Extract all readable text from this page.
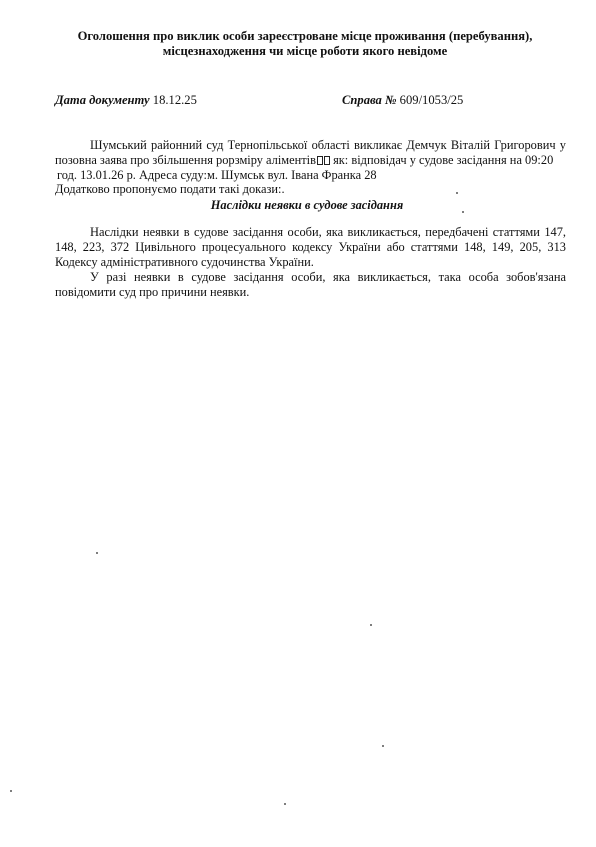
Оголошення про виклик особи зареєстроване місце проживання (перебування),
місцезнаходження чи місце роботи якого невідоме
Дата документу 18.12.25	Справа № 609/1053/25
Шумський районний суд Тернопільської області викликає Демчук Віталій Григорович у
позовна заява про збільшення рорзміру аліментів як: відповідач у судове засідання на 09:20
год. 13.01.26 р. Адреса суду:м. Шумськ вул. Івана Франка 28
Додатково пропонуємо подати такі докази:.
Наслідки неявки в судове засідання
Наслідки неявки в судове засідання особи, яка викликається, передбачені статтями 147,
148, 223, 372 Цивільного процесуального кодексу України або статтями 148, 149, 205, 313
Кодексу адміністративного судочинства України.
У разі неявки в судове засідання особи, яка викликається, така особа зобов'язана
повідомити суд про причини неявки.
